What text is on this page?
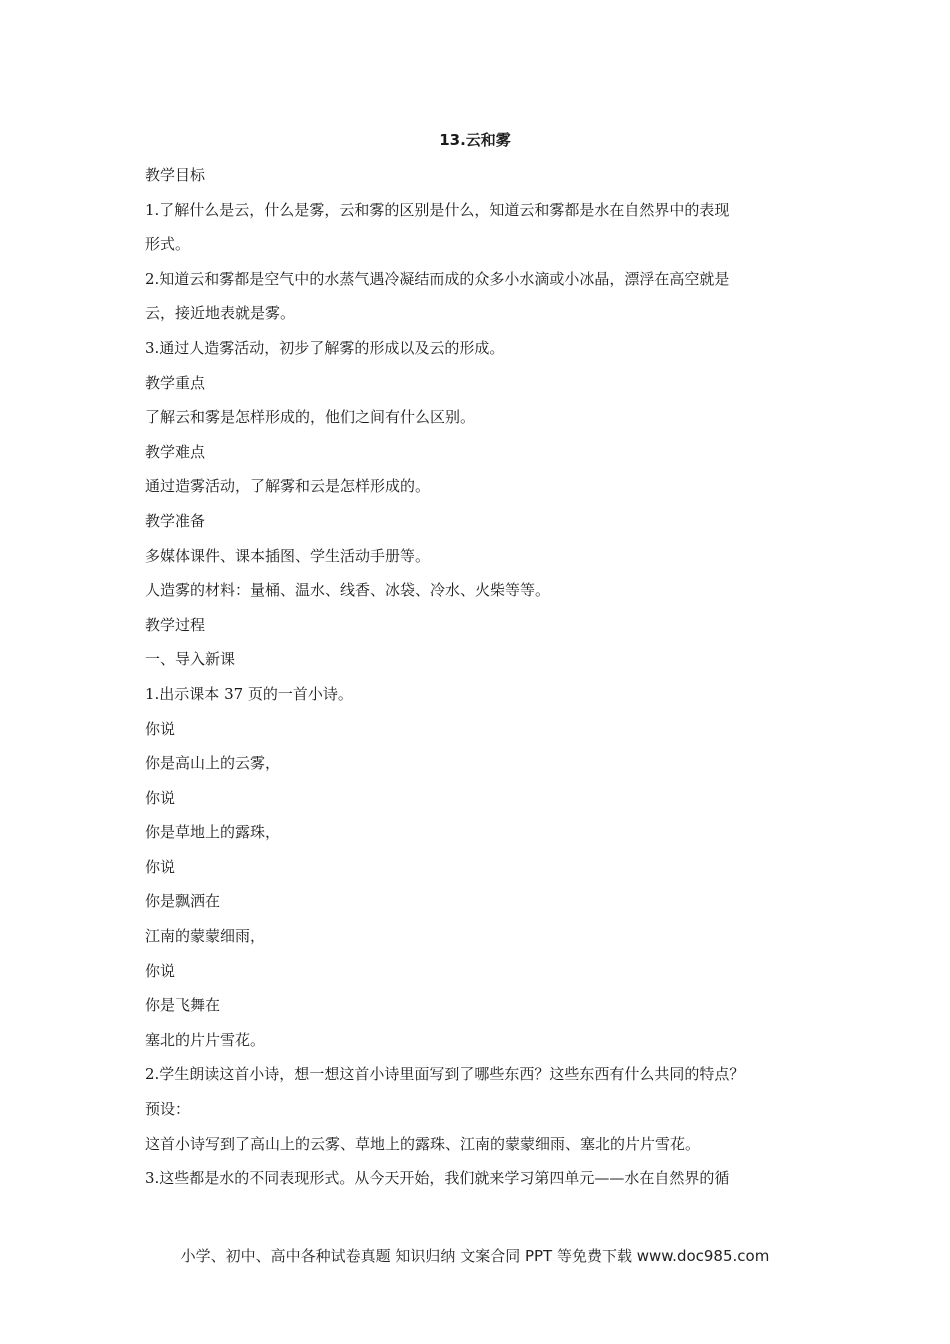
13.云和雾

教学目标

1.了解什么是云，什么是雾，云和雾的区别是什么，知道云和雾都是水在自然界中的表现

形式。

2.知道云和雾都是空气中的水蒸气遇冷凝结而成的众多小水滴或小冰晶，漂浮在高空就是

云，接近地表就是雾。

3.通过人造雾活动，初步了解雾的形成以及云的形成。

教学重点

了解云和雾是怎样形成的，他们之间有什么区别。

教学难点

通过造雾活动，了解雾和云是怎样形成的。

教学准备

多媒体课件、课本插图、学生活动手册等。

人造雾的材料：量桶、温水、线香、冰袋、冷水、火柴等等。

教学过程

一、导入新课

1.出示课本 37 页的一首小诗。

你说

你是高山上的云雾，

你说

你是草地上的露珠，

你说

你是飘洒在

江南的蒙蒙细雨，

你说

你是飞舞在

塞北的片片雪花。

2.学生朗读这首小诗，想一想这首小诗里面写到了哪些东西？这些东西有什么共同的特点？

预设：

这首小诗写到了高山上的云雾、草地上的露珠、江南的蒙蒙细雨、塞北的片片雪花。

3.这些都是水的不同表现形式。从今天开始，我们就来学习第四单元——水在自然界的循

小学、初中、高中各种试卷真题 知识归纳 文案合同 PPT 等免费下载 www.doc985.com
